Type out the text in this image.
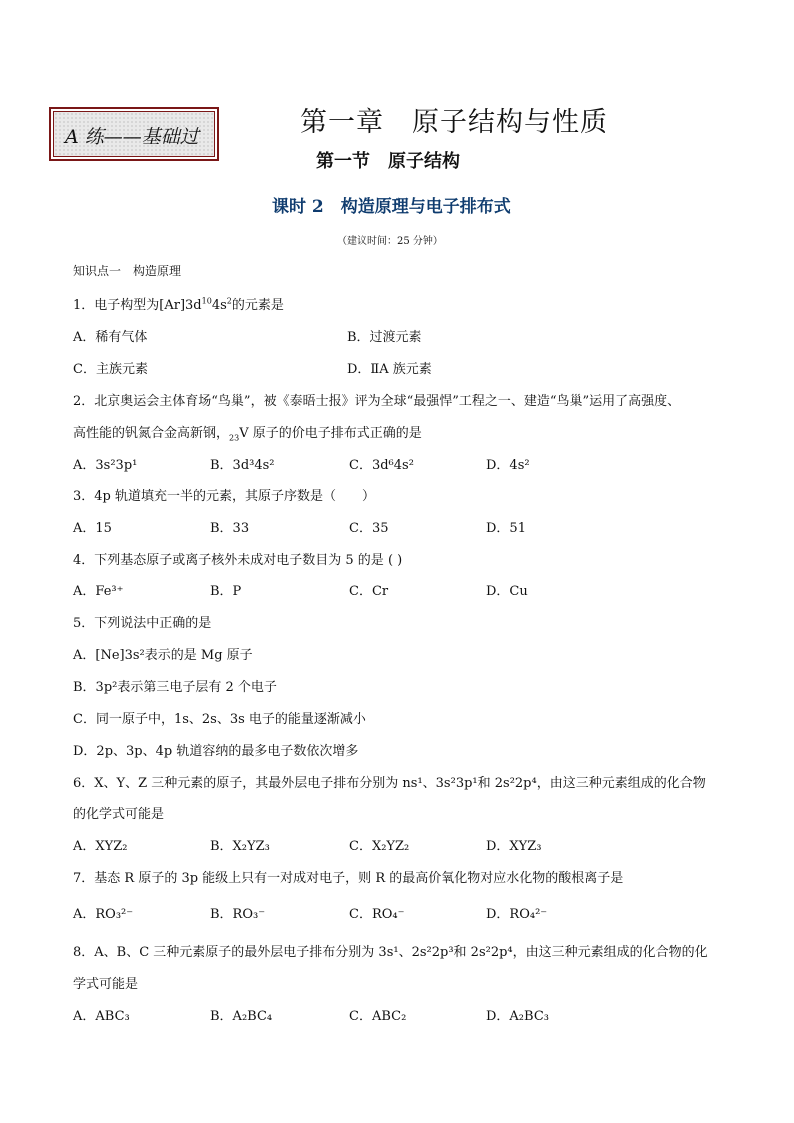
A 练——基础过	第一章　原子结构与性质
第一节　原子结构
课时 2　构造原理与电子排布式
（建议时间：25 分钟）
知识点一　构造原理
1．电子构型为$[Ar]3d^{10}4s^2$的元素是
A．稀有气体	B．过渡元素
C．主族元素	D．ⅡA 族元素
2．北京奥运会主体育场“鸟巢”，被《泰晤士报》评为全球“最强悍”工程之一、建造“鸟巢”运用了高强度、
高性能的钒氮合金高新钢，$_{23}$V 原子的价电子排布式正确的是
A．3s²3p¹	B．3d³4s²	C．3d⁶4s²	D．4s²
3．4p 轨道填充一半的元素，其原子序数是（　　）
A．15	B．33	C．35	D．51
4．下列基态原子或离子核外未成对电子数目为 5 的是 ( )
A．Fe³⁺	B．P	C．Cr	D．Cu
5．下列说法中正确的是
A．[Ne]3s²表示的是 Mg 原子
B．3p²表示第三电子层有 2 个电子
C．同一原子中，1s、2s、3s 电子的能量逐渐减小
D．2p、3p、4p 轨道容纳的最多电子数依次增多
6．X、Y、Z 三种元素的原子，其最外层电子排布分别为 ns¹、3s²3p¹和 2s²2p⁴，由这三种元素组成的化合物
的化学式可能是
A．XYZ₂	B．X₂YZ₃	C．X₂YZ₂	D．XYZ₃
7．基态 R 原子的 3p 能级上只有一对成对电子，则 R 的最高价氧化物对应水化物的酸根离子是
A．RO₃²⁻	B．RO₃⁻	C．RO₄⁻	D．RO₄²⁻
8．A、B、C 三种元素原子的最外层电子排布分别为 3s¹、2s²2p³和 2s²2p⁴，由这三种元素组成的化合物的化
学式可能是
A．ABC₃	B．A₂BC₄	C．ABC₂	D．A₂BC₃
